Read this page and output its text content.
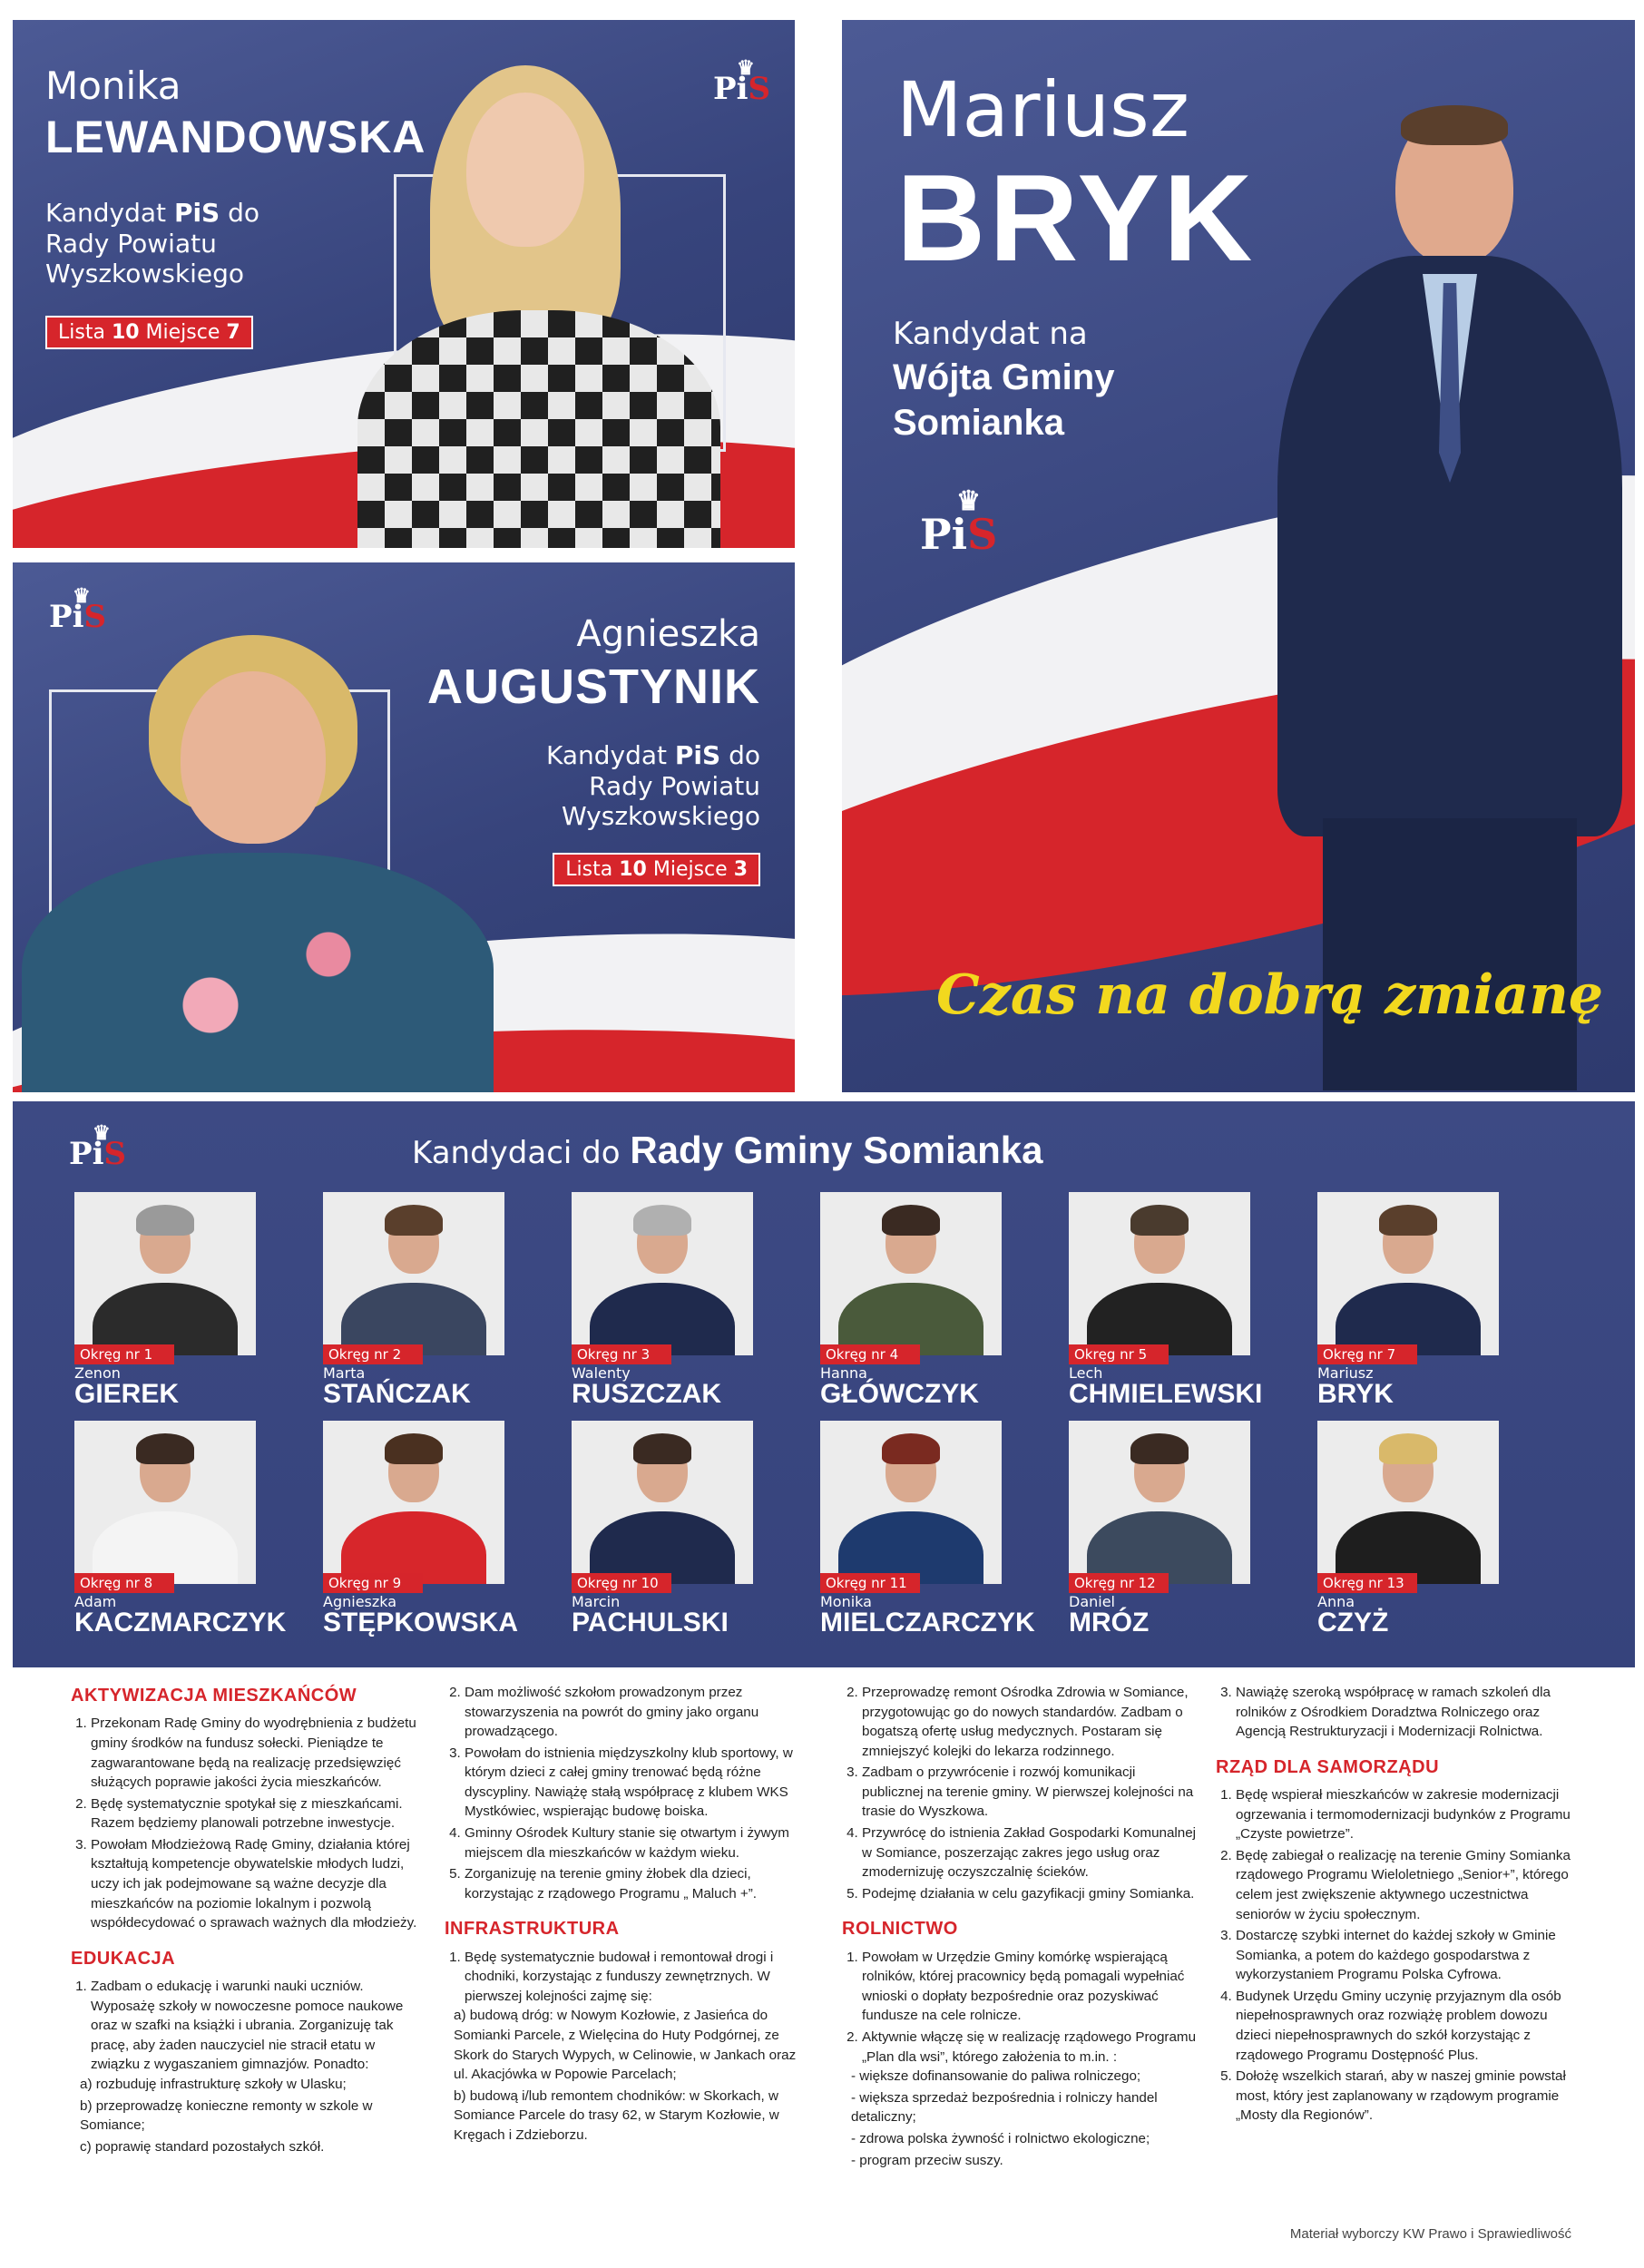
♛
PiS
Monika
LEWANDOWSKA
Kandydat PiS do
Rady Powiatu
Wyszkowskiego
Lista 10 Miejsce 7
♛
PiS	Agnieszka
AUGUSTYNIK
Kandydat PiS do
Rady Powiatu
Wyszkowskiego
Lista 10 Miejsce 3
Mariusz
BRYK
Kandydat na
Wójta Gminy
Somianka
♛
PiS
Czas na dobrą zmianę
♛
PiS	Kandydaci do Rady Gminy Somianka
Okręg nr 1
Zenon
GIEREK
Okręg nr 2
Marta
STAŃCZAK
Okręg nr 3
Walenty
RUSZCZAK
Okręg nr 4
Hanna
GŁÓWCZYK
Okręg nr 5
Lech
CHMIELEWSKI
Okręg nr 7
Mariusz
BRYK
Okręg nr 8
Adam
KACZMARCZYK
Okręg nr 9
Agnieszka
STĘPKOWSKA
Okręg nr 10
Marcin
PACHULSKI
Okręg nr 11
Monika
MIELCZARCZYK
Okręg nr 12
Daniel
MRÓZ
Okręg nr 13
Anna
CZYŻ
AKTYWIZACJA MIESZKAŃCÓW
1. Przekonam Radę Gminy do wyodrębnienia z budżetu gminy środków na fundusz sołecki. Pieniądze te zagwarantowane będą na realizację przedsięwzięć służących poprawie jakości życia mieszkańców.
2. Będę systematycznie spotykał się z mieszkańcami. Razem będziemy planowali potrzebne inwestycje.
3. Powołam Młodzieżową Radę Gminy, działania której kształtują kompetencje obywatelskie młodych ludzi, uczy ich jak podejmowane są ważne decyzje dla mieszkańców na poziomie lokalnym i pozwolą współdecydować o sprawach ważnych dla młodzieży.
EDUKACJA
1. Zadbam o edukację i warunki nauki uczniów. Wyposażę szkoły w nowoczesne pomoce naukowe oraz w szafki na książki i ubrania. Zorganizuję tak pracę, aby żaden nauczyciel nie stracił etatu w związku z wygaszaniem gimnazjów. Ponadto:
a) rozbuduję infrastrukturę szkoły w Ulasku;
b) przeprowadzę konieczne remonty w szkole w Somiance;
c) poprawię standard pozostałych szkół.
2. Dam możliwość szkołom prowadzonym przez stowarzyszenia na powrót do gminy jako organu prowadzącego.
3. Powołam do istnienia międzyszkolny klub sportowy, w którym dzieci z całej gminy trenować będą różne dyscypliny. Nawiążę stałą współpracę z klubem WKS Mystkówiec, wspierając budowę boiska.
4. Gminny Ośrodek Kultury stanie się otwartym i żywym miejscem dla mieszkańców w każdym wieku.
5. Zorganizuję na terenie gminy żłobek dla dzieci, korzystając z rządowego Programu „ Maluch +”.
INFRASTRUKTURA
1. Będę systematycznie budował i remontował drogi i chodniki, korzystając z funduszy zewnętrznych. W pierwszej kolejności zajmę się:
a) budową dróg: w Nowym Kozłowie, z Jasieńca do Somianki Parcele, z Wielęcina do Huty Podgórnej, ze Skork do Starych Wypych, w Celinowie, w Jankach oraz ul. Akacjówka w Popowie Parcelach;
b) budową i/lub remontem chodników: w Skorkach, w Somiance Parcele do trasy 62, w Starym Kozłowie, w Kręgach i Zdzieborzu.
2. Przeprowadzę remont Ośrodka Zdrowia w Somiance, przygotowując go do nowych standardów. Zadbam o bogatszą ofertę usług medycznych. Postaram się zmniejszyć kolejki do lekarza rodzinnego.
3. Zadbam o przywrócenie i rozwój komunikacji publicznej na terenie gminy. W pierwszej kolejności na trasie do Wyszkowa.
4. Przywrócę do istnienia Zakład Gospodarki Komunalnej w Somiance, poszerzając zakres jego usług oraz zmodernizuję oczyszczalnię ścieków.
5. Podejmę działania w celu gazyfikacji gminy Somianka.
ROLNICTWO
1. Powołam w Urzędzie Gminy komórkę wspierającą rolników, której pracownicy będą pomagali wypełniać wnioski o dopłaty bezpośrednie oraz pozyskiwać fundusze na cele rolnicze.
2. Aktywnie włączę się w realizację rządowego Programu „Plan dla wsi”, którego założenia to m.in. :
- większe dofinansowanie do paliwa rolniczego;
- większa sprzedaż bezpośrednia i rolniczy handel detaliczny;
- zdrowa polska żywność i rolnictwo ekologiczne;
- program przeciw suszy.
3. Nawiążę szeroką współpracę w ramach szkoleń dla rolników z Ośrodkiem Doradztwa Rolniczego oraz Agencją Restrukturyzacji i Modernizacji Rolnictwa.
RZĄD DLA SAMORZĄDU
1. Będę wspierał mieszkańców w zakresie modernizacji ogrzewania i termomodernizacji budynków z Programu „Czyste powietrze”.
2. Będę zabiegał o realizację na terenie Gminy Somianka rządowego Programu Wieloletniego „Senior+”, którego celem jest zwiększenie aktywnego uczestnictwa seniorów w życiu społecznym.
3. Dostarczę szybki internet do każdej szkoły w Gminie Somianka, a potem do każdego gospodarstwa z wykorzystaniem Programu Polska Cyfrowa.
4. Budynek Urzędu Gminy uczynię przyjaznym dla osób niepełnosprawnych oraz rozwiążę problem dowozu dzieci niepełnosprawnych do szkół korzystając z rządowego Programu Dostępność Plus.
5. Dołożę wszelkich starań, aby w naszej gminie powstał most, który jest zaplanowany w rządowym programie „Mosty dla Regionów”.
Materiał wyborczy KW Prawo i Sprawiedliwość
